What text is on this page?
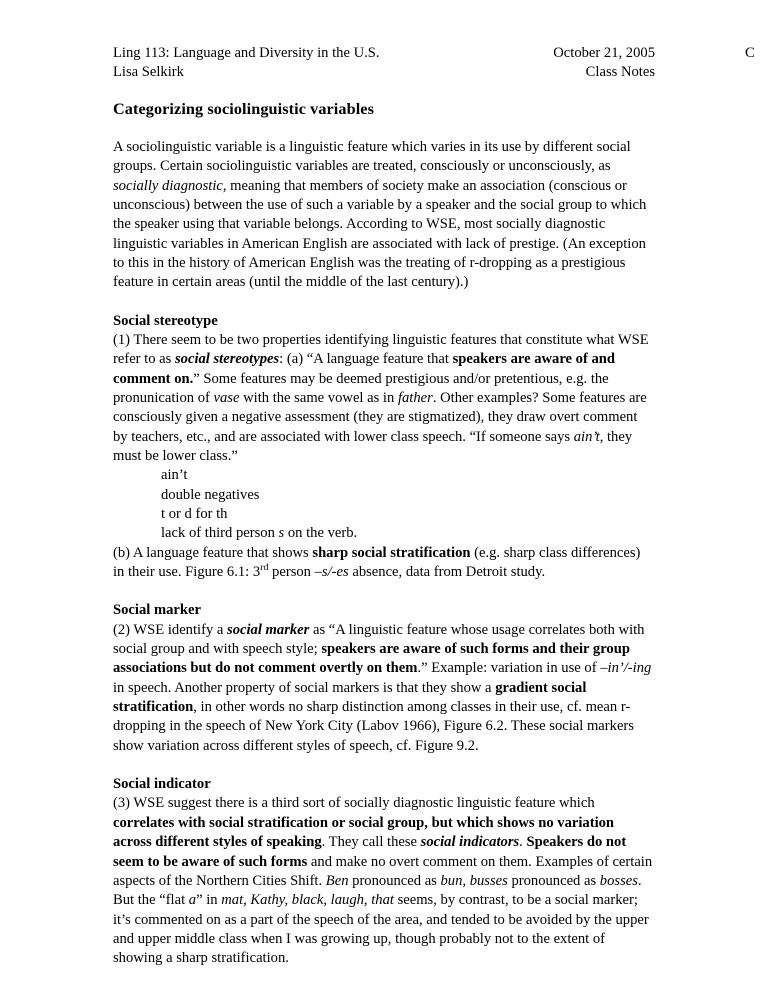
C
Ling 113: Language and Diversity in the U.S.	October 21, 2005
Lisa Selkirk	Class Notes
Categorizing sociolinguistic variables

A sociolinguistic variable is a linguistic feature which varies in its use by different social groups. Certain sociolinguistic variables are treated, consciously or unconsciously, as socially diagnostic, meaning that members of society make an association (conscious or unconscious) between the use of such a variable by a speaker and the social group to which the speaker using that variable belongs. According to WSE, most socially diagnostic linguistic variables in American English are associated with lack of prestige. (An exception to this in the history of American English was the treating of r-dropping as a prestigious feature in certain areas (until the middle of the last century).)

Social stereotype

(1) There seem to be two properties identifying linguistic features that constitute what WSE refer to as social stereotypes: (a) “A language feature that speakers are aware of and comment on.” Some features may be deemed prestigious and/or pretentious, e.g. the pronunication of vase with the same vowel as in father. Other examples? Some features are consciously given a negative assessment (they are stigmatized), they draw overt comment by teachers, etc., and are associated with lower class speech. “If someone says ain’t, they must be lower class.”

ain’t
double negatives
t or d for th
lack of third person s on the verb.

(b) A language feature that shows sharp social stratification (e.g. sharp class differences) in their use. Figure 6.1: 3rd person –s/-es absence, data from Detroit study.

Social marker

(2) WSE identify a social marker as “A linguistic feature whose usage correlates both with social group and with speech style; speakers are aware of such forms and their group associations but do not comment overtly on them.” Example: variation in use of –in’/-ing in speech. Another property of social markers is that they show a gradient social stratification, in other words no sharp distinction among classes in their use, cf. mean r-dropping in the speech of New York City (Labov 1966), Figure 6.2. These social markers show variation across different styles of speech, cf. Figure 9.2.

Social indicator

(3) WSE suggest there is a third sort of socially diagnostic linguistic feature which correlates with social stratification or social group, but which shows no variation across different styles of speaking. They call these social indicators. Speakers do not seem to be aware of such forms and make no overt comment on them. Examples of certain aspects of the Northern Cities Shift. Ben pronounced as bun, busses pronounced as bosses. But the “flat a” in mat, Kathy, black, laugh, that seems, by contrast, to be a social marker; it’s commented on as a part of the speech of the area, and tended to be avoided by the upper and upper middle class when I was growing up, though probably not to the extent of showing a sharp stratification.
